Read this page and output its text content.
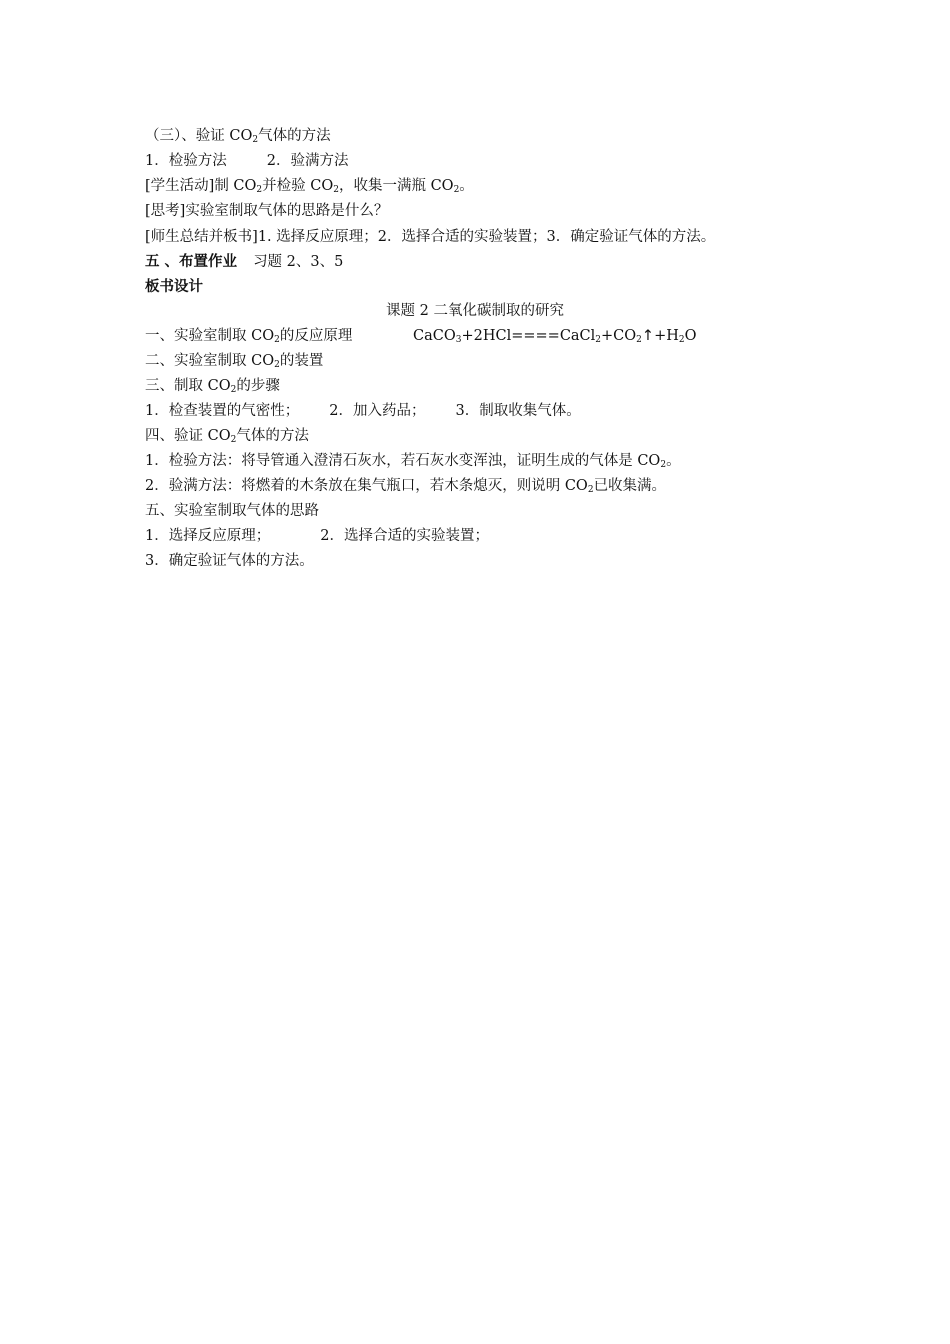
（三）、验证 $CO_2$气体的方法
1．检验方法	2．验满方法
[学生活动]制 $CO_2$并检验 $CO_2$，收集一满瓶 $CO_2$。
[思考]实验室制取气体的思路是什么？
[师生总结并板书]1. 选择反应原理；2．选择合适的实验装置；3．确定验证气体的方法。
五 、布置作业 习题 2、3、5
板书设计
课题 2 二氧化碳制取的研究
一、实验室制取 $CO_2$的反应原理	$CaCO_3+2HCl====CaCl_2+CO_2↑+H_2O$
二、实验室制取 $CO_2$的装置
三、制取 $CO_2$的步骤
1．检查装置的气密性； 2．加入药品； 3．制取收集气体。
四、验证 $CO_2$气体的方法
1．检验方法：将导管通入澄清石灰水，若石灰水变浑浊，证明生成的气体是 $CO_2$。
2．验满方法：将燃着的木条放在集气瓶口，若木条熄灭，则说明 $CO_2$已收集满。
五、实验室制取气体的思路
1．选择反应原理；	2．选择合适的实验装置；
3．确定验证气体的方法。
